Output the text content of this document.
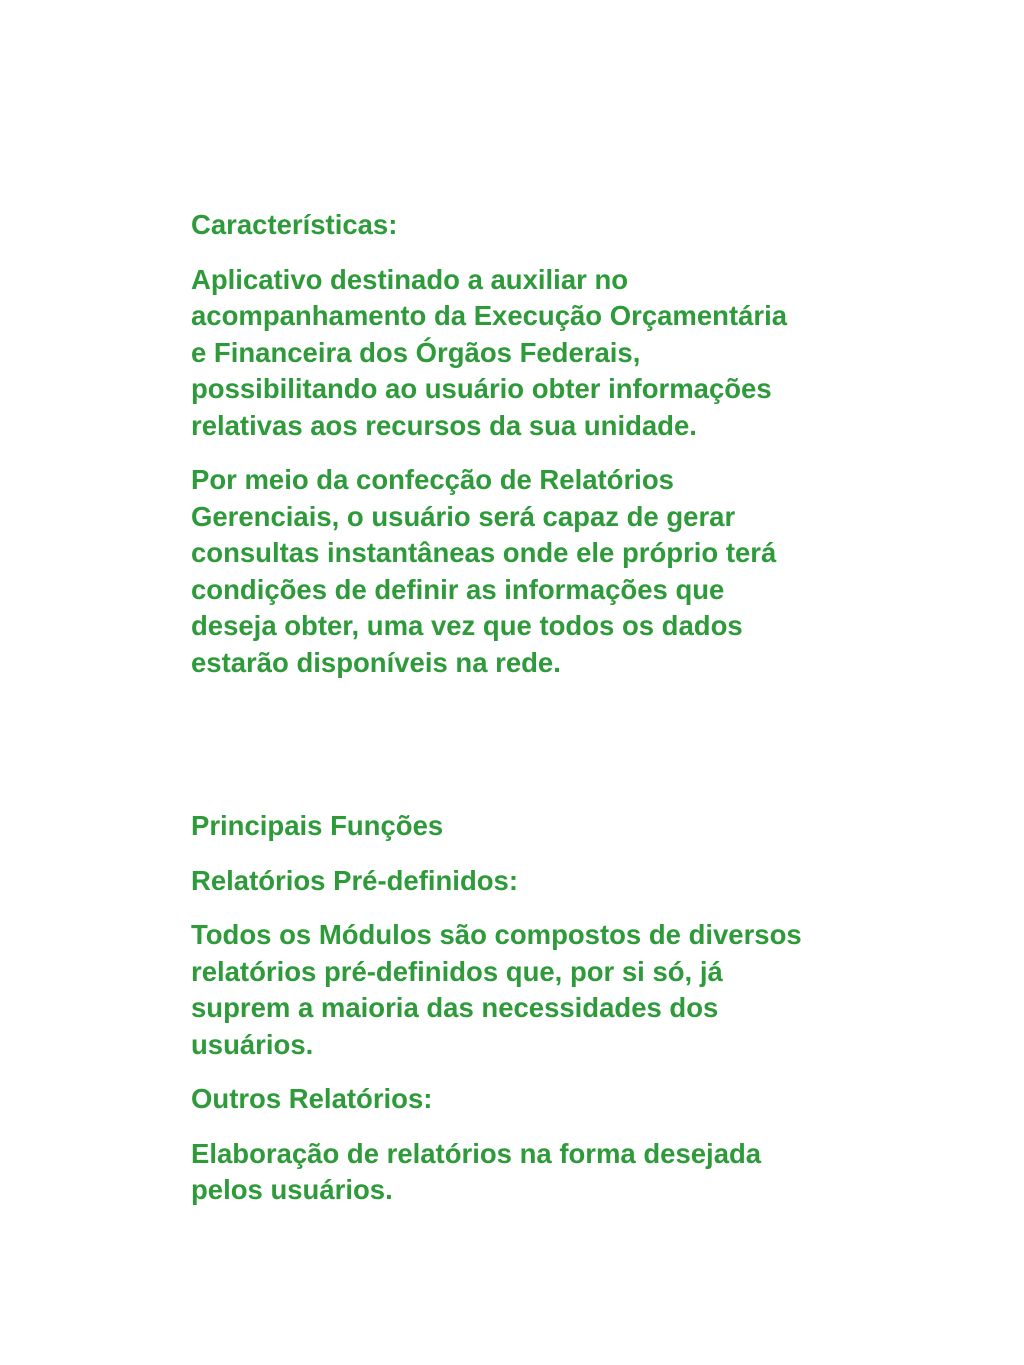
Características:

Aplicativo destinado a auxiliar no
acompanhamento da Execução Orçamentária
e Financeira dos Órgãos Federais,
possibilitando ao usuário obter informações
relativas aos recursos da sua unidade.

Por meio da confecção de Relatórios
Gerenciais, o usuário será capaz de gerar
consultas instantâneas onde ele próprio terá
condições de definir as informações que
deseja obter, uma vez que todos os dados
estarão disponíveis na rede.

Principais Funções

Relatórios Pré-definidos:

Todos os Módulos são compostos de diversos
relatórios pré-definidos que, por si só, já
suprem a maioria das necessidades dos
usuários.

Outros Relatórios:

Elaboração de relatórios na forma desejada
pelos usuários.
